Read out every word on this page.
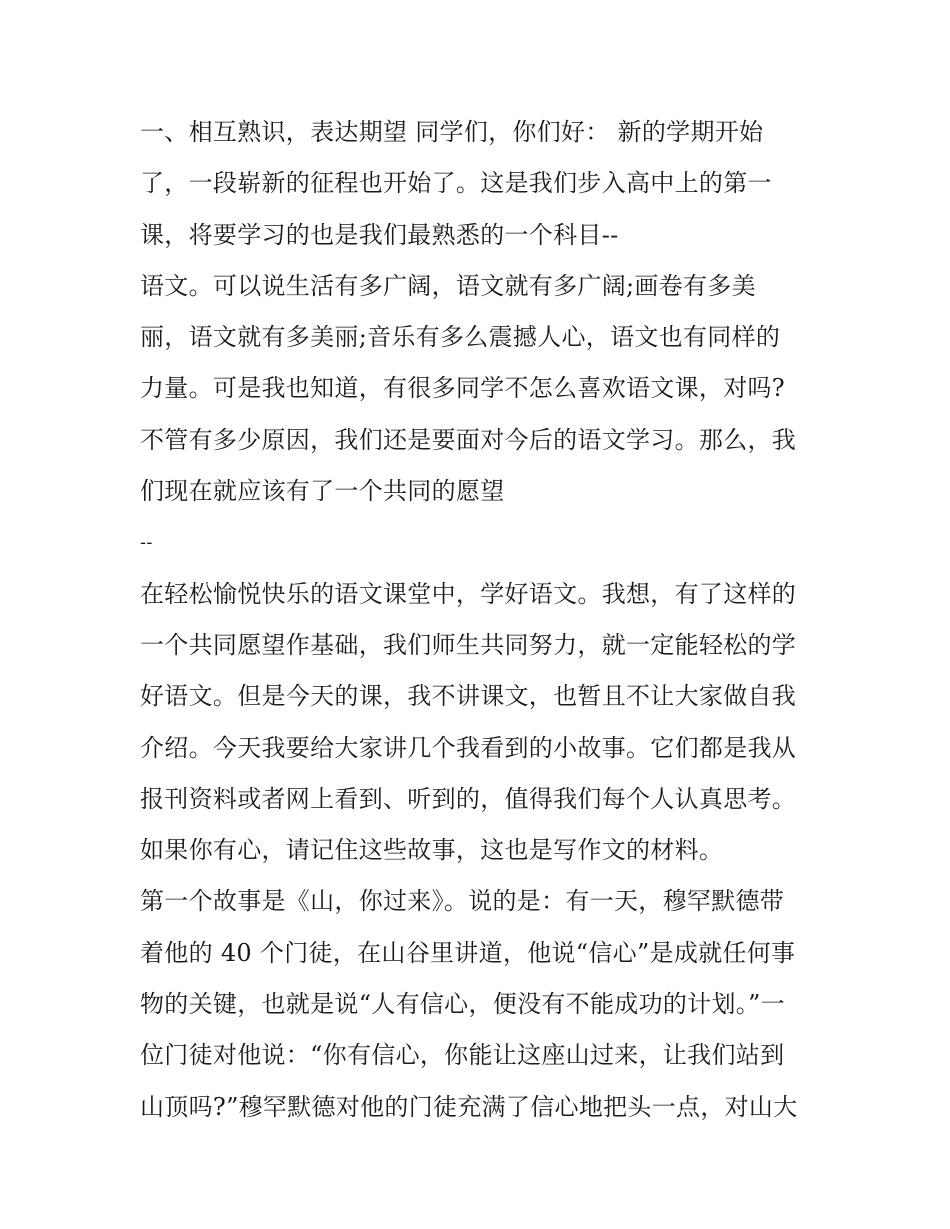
一、相互熟识，表达期望 同学们，你们好： 新的学期开始
了，一段崭新的征程也开始了。这是我们步入高中上的第一
课，将要学习的也是我们最熟悉的一个科目--
语文。可以说生活有多广阔，语文就有多广阔;画卷有多美
丽，语文就有多美丽;音乐有多么震撼人心，语文也有同样的
力量。可是我也知道，有很多同学不怎么喜欢语文课，对吗?
不管有多少原因，我们还是要面对今后的语文学习。那么，我
们现在就应该有了一个共同的愿望
--
在轻松愉悦快乐的语文课堂中，学好语文。我想，有了这样的
一个共同愿望作基础，我们师生共同努力，就一定能轻松的学
好语文。但是今天的课，我不讲课文，也暂且不让大家做自我
介绍。今天我要给大家讲几个我看到的小故事。它们都是我从
报刊资料或者网上看到、听到的，值得我们每个人认真思考。
如果你有心，请记住这些故事，这也是写作文的材料。
第一个故事是《山，你过来》。说的是：有一天，穆罕默德带
着他的 40 个门徒，在山谷里讲道，他说“信心”是成就任何事
物的关键，也就是说“人有信心，便没有不能成功的计划。”一
位门徒对他说：“你有信心，你能让这座山过来，让我们站到
山顶吗?”穆罕默德对他的门徒充满了信心地把头一点，对山大
